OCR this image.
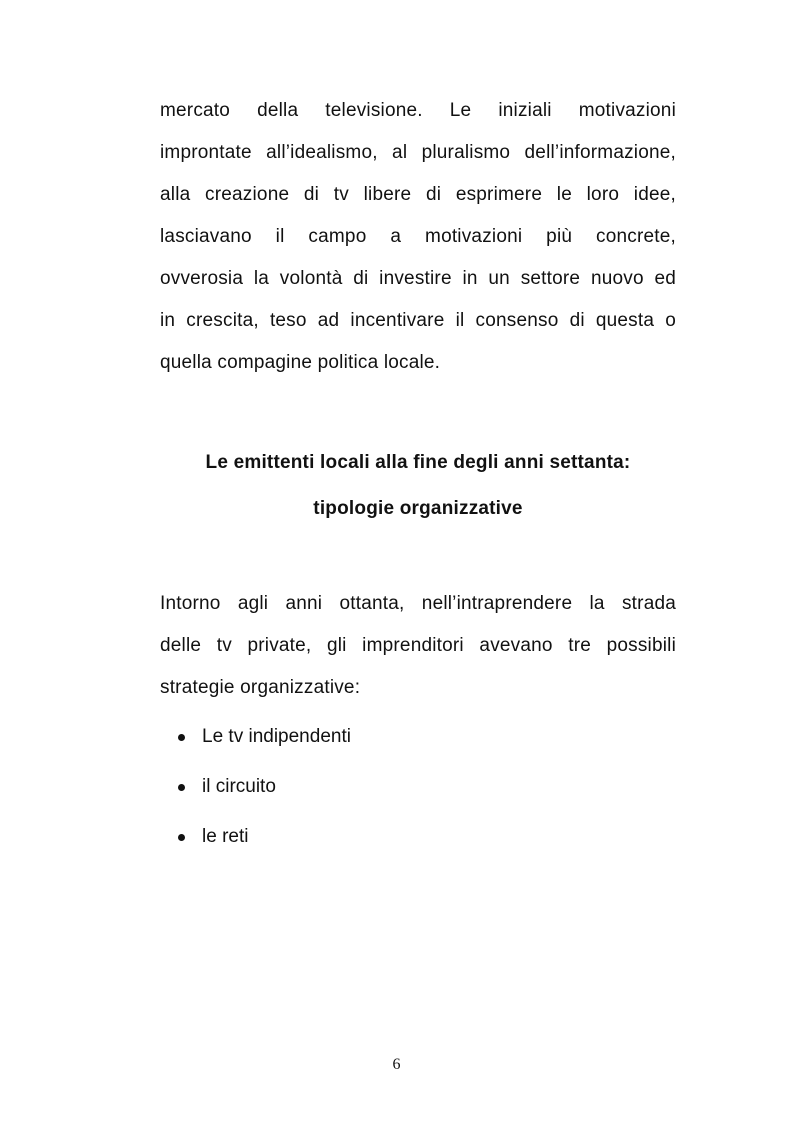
mercato della televisione. Le iniziali motivazioni
improntate all’idealismo, al pluralismo dell’informazione,
alla creazione di tv libere di esprimere le loro idee,
lasciavano il campo a motivazioni più concrete,
ovverosia la volontà di investire in un settore nuovo ed
in crescita, teso ad incentivare il consenso di questa o
quella compagine politica locale.
Le emittenti locali alla fine degli anni settanta:
tipologie organizzative
Intorno agli anni ottanta, nell’intraprendere la strada
delle tv private, gli imprenditori avevano tre possibili
strategie organizzative:
Le tv indipendenti
il circuito
le reti
6
